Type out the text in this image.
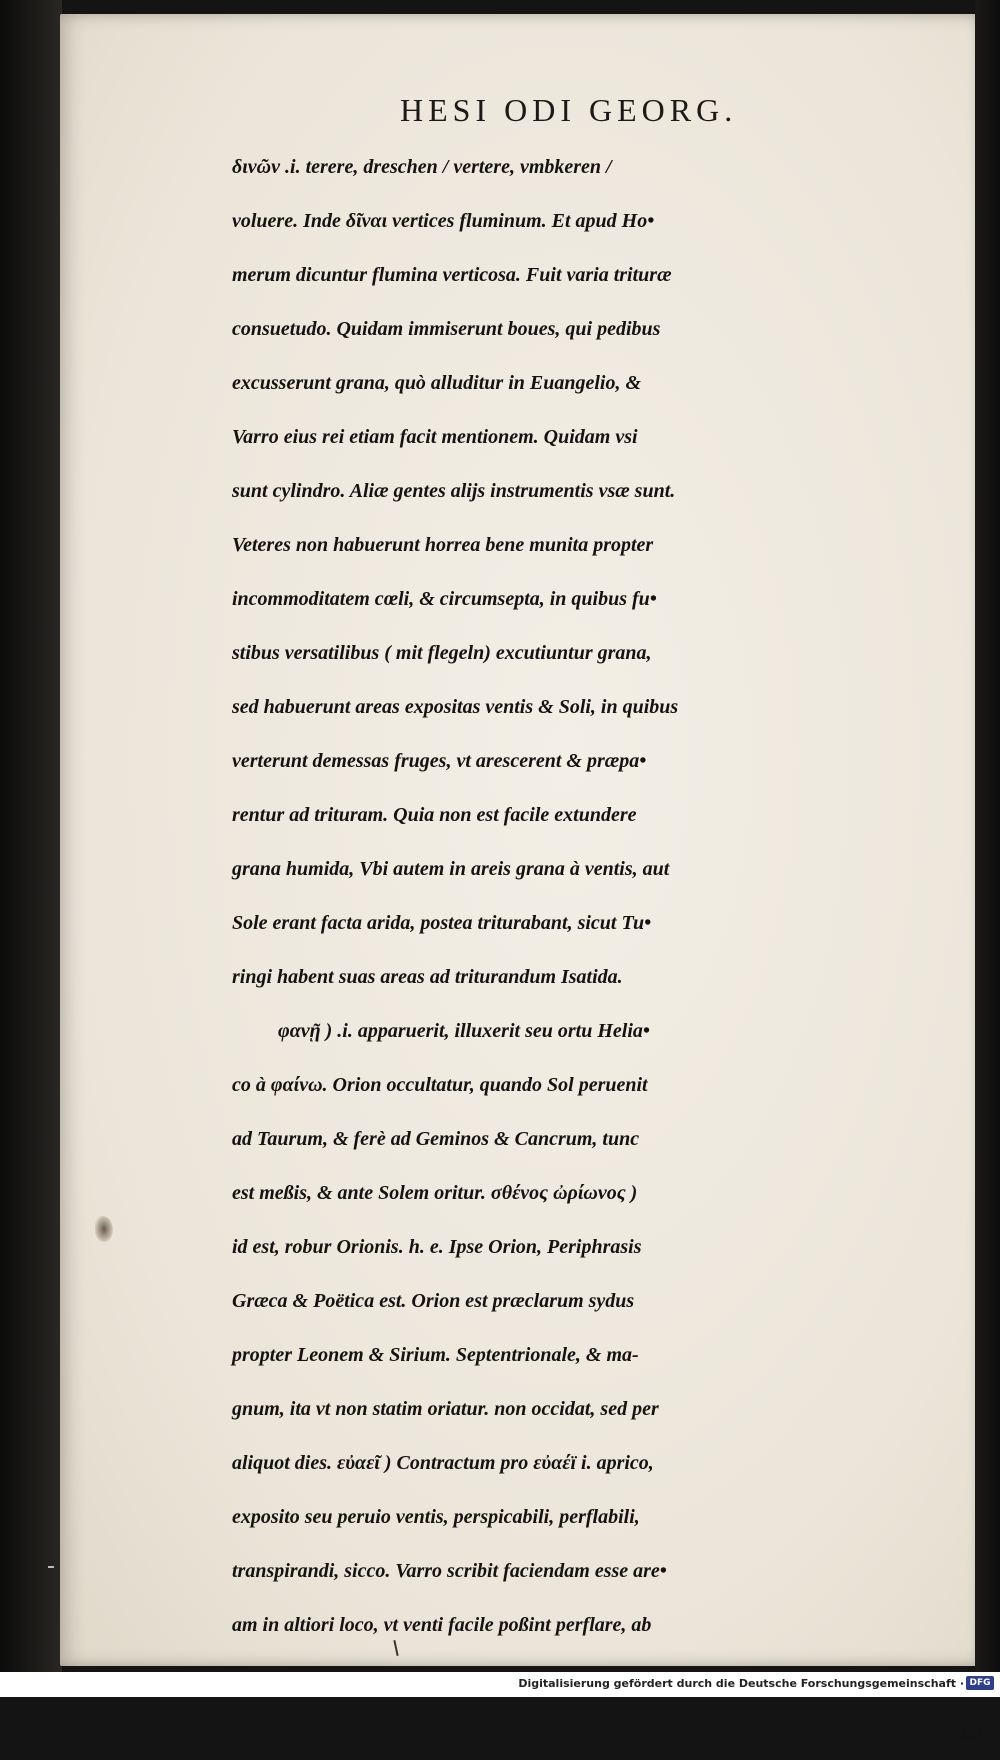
HESI ODI GEORG.
δινῶν .i. terere, dreschen / vertere, vmbkeren /
voluere. Inde δῖναι vertices fluminum. Et apud Ho•
merum dicuntur flumina verticosa. Fuit varia trituræ
consuetudo. Quidam immiserunt boues, qui pedibus
excusserunt grana, quò alluditur in Euangelio, &
Varro eius rei etiam facit mentionem. Quidam vsi
sunt cylindro. Aliæ gentes alijs instrumentis vsæ sunt.
Veteres non habuerunt horrea bene munita propter
incommoditatem cœli, & circumsepta, in quibus fu•
stibus versatilibus ( mit flegeln) excutiuntur grana,
sed habuerunt areas expositas ventis & Soli, in quibus
verterunt demessas fruges, vt arescerent & præpa•
rentur ad trituram. Quia non est facile extundere
grana humida, Vbi autem in areis grana à ventis, aut
Sole erant facta arida, postea triturabant, sicut Tu•
ringi habent suas areas ad triturandum Isatida.
φανῇ ) .i. apparuerit, illuxerit seu ortu Helia•
co à φαίνω. Orion occultatur, quando Sol peruenit
ad Taurum, & ferè ad Geminos & Cancrum, tunc
est meßis, & ante Solem oritur. σθένος ὠρίωνος )
id est, robur Orionis. h. e. Ipse Orion, Periphrasis
Græca & Poëtica est. Orion est præclarum sydus
propter Leonem & Sirium. Septentrionale, & ma-
gnum, ita vt non statim oriatur. non occidat, sed per
aliquot dies. εὐαεῖ ) Contractum pro εὐαέϊ i. aprico,
exposito seu peruio ventis, perspicabili, perflabili,
transpirandi, sicco. Varro scribit faciendam esse are•
am in altiori loco, vt venti facile poßint perflare, ab
qua
Digitalisierung gefördert durch die Deutsche Forschungsgemeinschaft · DFG
